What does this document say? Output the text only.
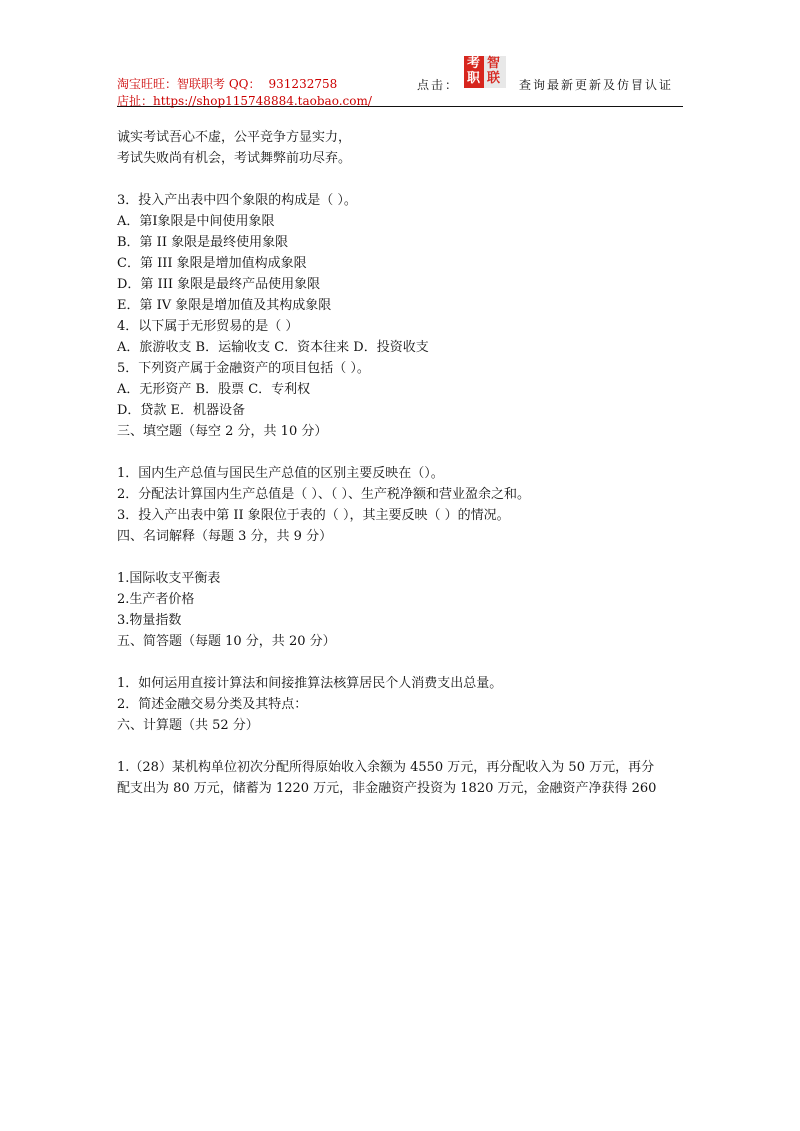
淘宝旺旺：智联职考 QQ： 931232758
店扯：https://shop115748884.taobao.com/
点击：
考 智
职 联 查询最新更新及仿冒认证

诚实考试吾心不虚，公平竞争方显实力，

考试失败尚有机会，考试舞弊前功尽弃。

3．投入产出表中四个象限的构成是（ ）。

A．第Ⅰ象限是中间使用象限

B．第 II 象限是最终使用象限

C．第 III 象限是增加值构成象限

D．第 III 象限是最终产品使用象限

E．第 IV 象限是增加值及其构成象限

4．以下属于无形贸易的是（ ）

A．旅游收支 B．运输收支 C．资本往来 D．投资收支

5．下列资产属于金融资产的项目包括（ ）。

A．无形资产 B．股票 C．专利权

D．贷款 E．机器设备

三、填空题（每空 2 分，共 10 分）

1．国内生产总值与国民生产总值的区别主要反映在（）。

2．分配法计算国内生产总值是（ ）、（ ）、生产税净额和营业盈余之和。

3．投入产出表中第 II 象限位于表的（ ），其主要反映（ ）的情况。

四、名词解释（每题 3 分，共 9 分）

1.国际收支平衡表

2.生产者价格

3.物量指数

五、简答题（每题 10 分，共 20 分）

1．如何运用直接计算法和间接推算法核算居民个人消费支出总量。

2．简述金融交易分类及其特点：

六、计算题（共 52 分）

1.（28）某机构单位初次分配所得原始收入余额为 4550 万元，再分配收入为 50 万元，再分

配支出为 80 万元，储蓄为 1220 万元，非金融资产投资为 1820 万元，金融资产净获得 260
